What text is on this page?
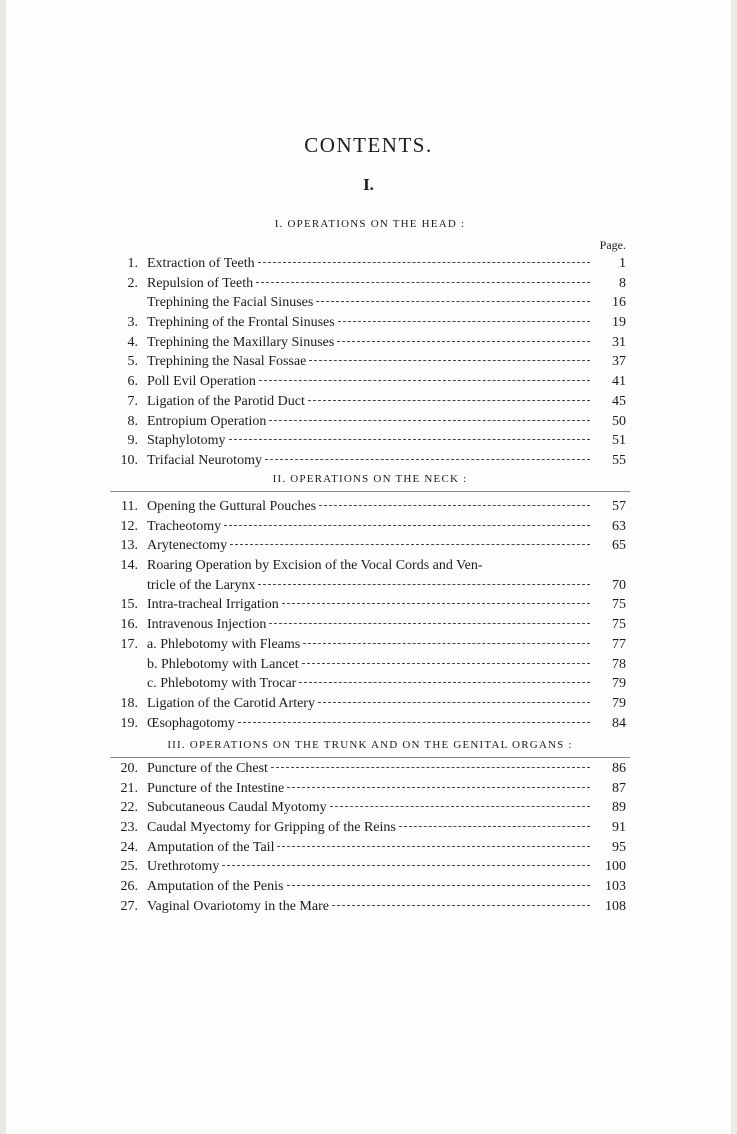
CONTENTS.
I.
I. OPERATIONS ON THE HEAD :
Page.
1. Extraction of Teeth	1
2. Repulsion of Teeth	8
Trephining the Facial Sinuses	16
3. Trephining of the Frontal Sinuses	19
4. Trephining the Maxillary Sinuses	31
5. Trephining the Nasal Fossae	37
6. Poll Evil Operation	41
7. Ligation of the Parotid Duct	45
8. Entropium Operation	50
9. Staphylotomy	51
10. Trifacial Neurotomy	55
II. OPERATIONS ON THE NECK :
11. Opening the Guttural Pouches	57
12. Tracheotomy	63
13. Arytenectomy	65
14. Roaring Operation by Excision of the Vocal Cords and Ven-
tricle of the Larynx	70
15. Intra-tracheal Irrigation	75
16. Intravenous Injection	75
17. a. Phlebotomy with Fleams	77
b. Phlebotomy with Lancet	78
c. Phlebotomy with Trocar	79
18. Ligation of the Carotid Artery	79
19. Œsophagotomy	84
III. OPERATIONS ON THE TRUNK AND ON THE GENITAL ORGANS :
20. Puncture of the Chest	86
21. Puncture of the Intestine	87
22. Subcutaneous Caudal Myotomy	89
23. Caudal Myectomy for Gripping of the Reins	91
24. Amputation of the Tail	95
25. Urethrotomy	100
26. Amputation of the Penis	103
27. Vaginal Ovariotomy in the Mare	108
